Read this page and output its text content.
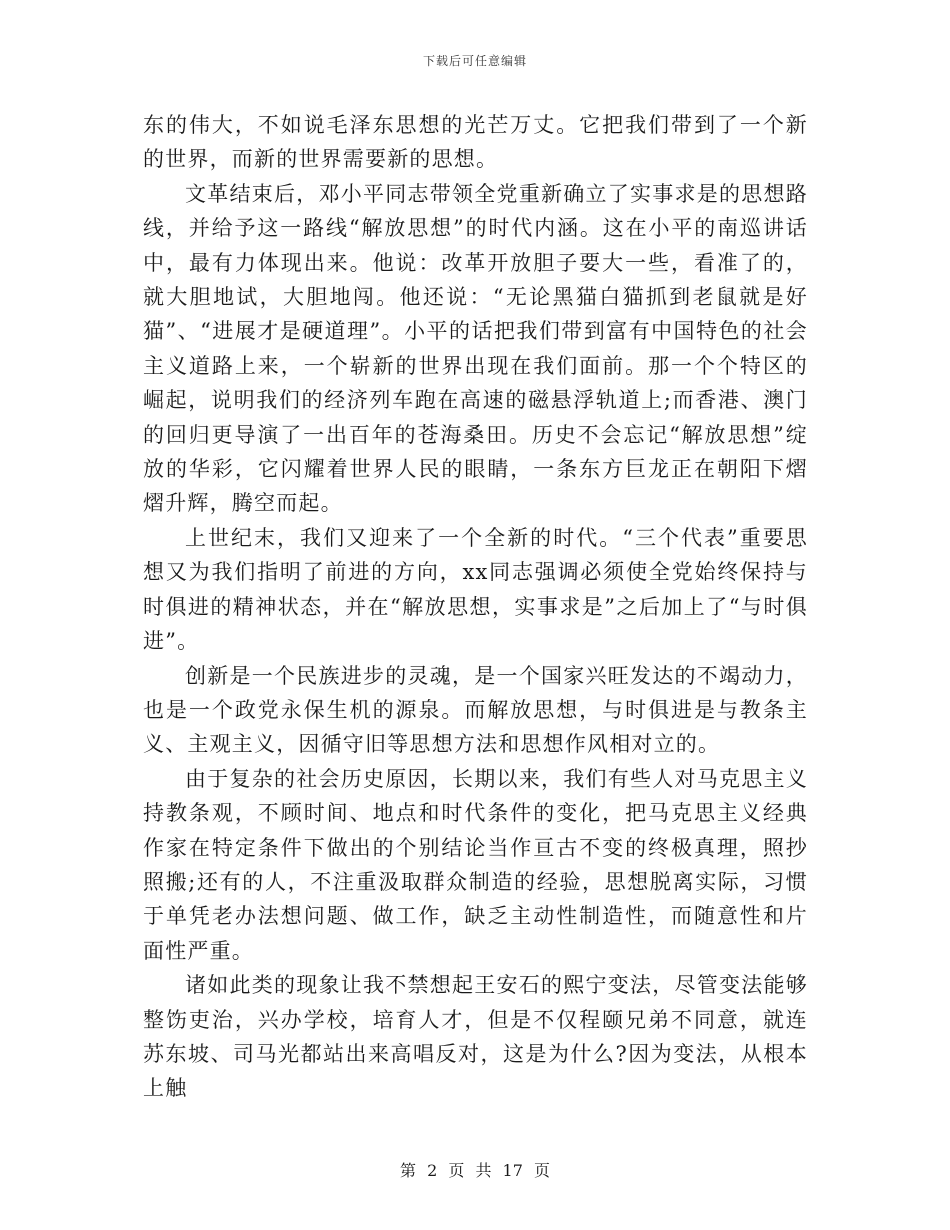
下载后可任意编辑

东的伟大，不如说毛泽东思想的光芒万丈。它把我们带到了一个新的世界，而新的世界需要新的思想。

文革结束后，邓小平同志带领全党重新确立了实事求是的思想路线，并给予这一路线“解放思想”的时代内涵。这在小平的南巡讲话中，最有力体现出来。他说：改革开放胆子要大一些，看准了的，就大胆地试，大胆地闯。他还说：“无论黑猫白猫抓到老鼠就是好猫”、“进展才是硬道理”。小平的话把我们带到富有中国特色的社会主义道路上来，一个崭新的世界出现在我们面前。那一个个特区的崛起，说明我们的经济列车跑在高速的磁悬浮轨道上;而香港、澳门的回归更导演了一出百年的苍海桑田。历史不会忘记“解放思想”绽放的华彩，它闪耀着世界人民的眼睛，一条东方巨龙正在朝阳下熠熠升辉，腾空而起。

上世纪末，我们又迎来了一个全新的时代。“三个代表”重要思想又为我们指明了前进的方向，xx同志强调必须使全党始终保持与时俱进的精神状态，并在“解放思想，实事求是”之后加上了“与时俱进”。

创新是一个民族进步的灵魂，是一个国家兴旺发达的不竭动力，也是一个政党永保生机的源泉。而解放思想，与时俱进是与教条主义、主观主义，因循守旧等思想方法和思想作风相对立的。

由于复杂的社会历史原因，长期以来，我们有些人对马克思主义持教条观，不顾时间、地点和时代条件的变化，把马克思主义经典作家在特定条件下做出的个别结论当作亘古不变的终极真理，照抄照搬;还有的人，不注重汲取群众制造的经验，思想脱离实际，习惯于单凭老办法想问题、做工作，缺乏主动性制造性，而随意性和片面性严重。

诸如此类的现象让我不禁想起王安石的熙宁变法，尽管变法能够整饬吏治，兴办学校，培育人才，但是不仅程颐兄弟不同意，就连苏东坡、司马光都站出来高唱反对，这是为什么?因为变法，从根本上触

第 2 页 共 17 页
